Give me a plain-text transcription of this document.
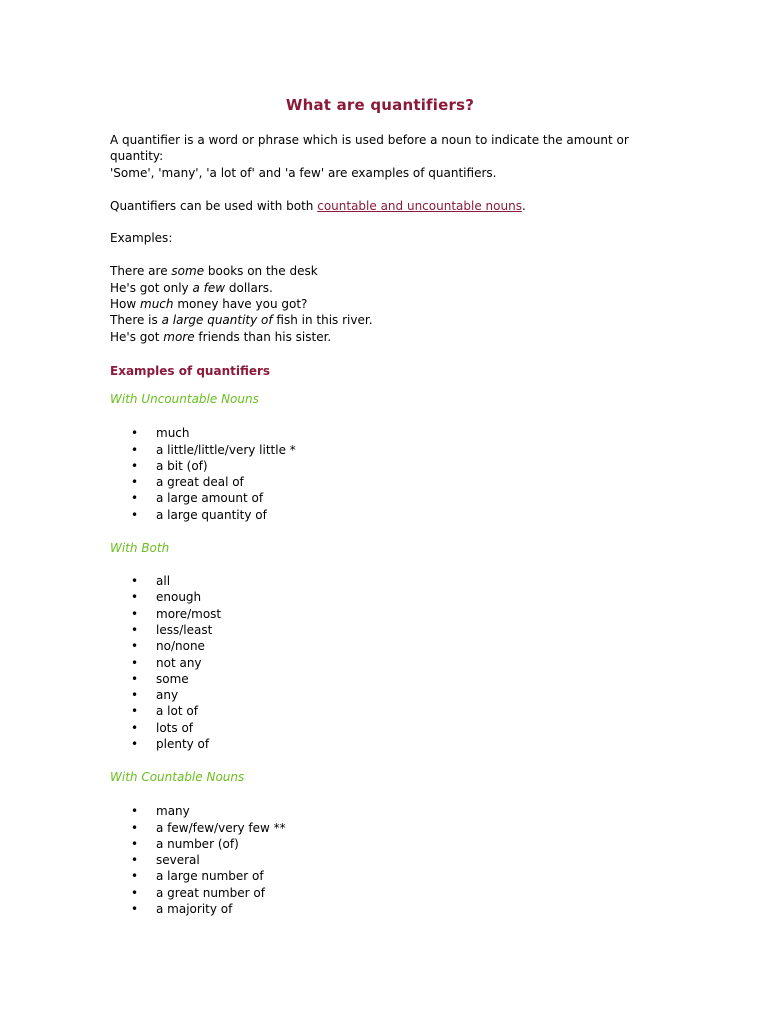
What are quantifiers?

A quantifier is a word or phrase which is used before a noun to indicate the amount or quantity:

'Some', 'many', 'a lot of' and 'a few' are examples of quantifiers.

Quantifiers can be used with both countable and uncountable nouns.

Examples:

There are some books on the desk

He's got only a few dollars.

How much money have you got?

There is a large quantity of fish in this river.

He's got more friends than his sister.

Examples of quantifiers

With Uncountable Nouns

• much
• a little/little/very little *
• a bit (of)
• a great deal of
• a large amount of
• a large quantity of

With Both

• all
• enough
• more/most
• less/least
• no/none
• not any
• some
• any
• a lot of
• lots of
• plenty of

With Countable Nouns

• many
• a few/few/very few **
• a number (of)
• several
• a large number of
• a great number of
• a majority of
